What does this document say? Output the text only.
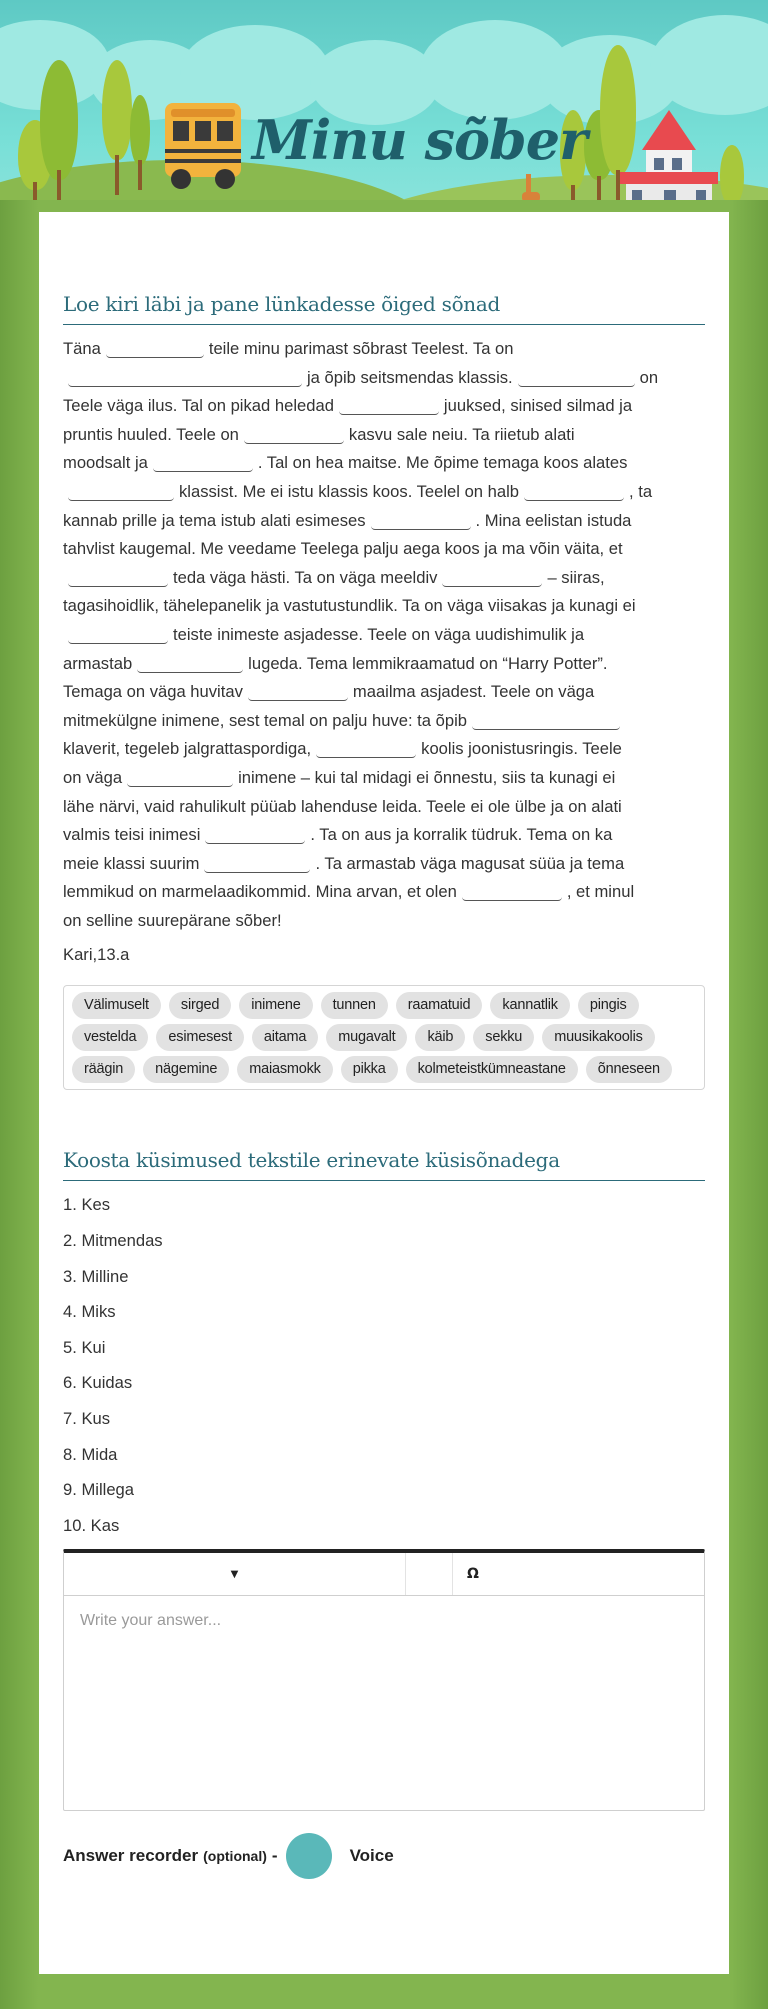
Minu sõber
Loe kiri läbi ja pane lünkadesse õiged sõnad
Täna	teile minu parimast sõbrast Teelest. Ta on
ja õpib seitsmendas klassis.	on
Teele väga ilus. Tal on pikad heledad	juuksed, sinised silmad ja
pruntis huuled. Teele on	kasvu sale neiu. Ta riietub alati
moodsalt ja	. Tal on hea maitse. Me õpime temaga koos alates
klassist. Me ei istu klassis koos. Teelel on halb	, ta
kannab prille ja tema istub alati esimeses	. Mina eelistan istuda
tahvlist kaugemal. Me veedame Teelega palju aega koos ja ma võin väita, et
teda väga hästi. Ta on väga meeldiv	– siiras,
tagasihoidlik, tähelepanelik ja vastutustundlik. Ta on väga viisakas ja kunagi ei
teiste inimeste asjadesse. Teele on väga uudishimulik ja
armastab	lugeda. Tema lemmikraamatud on “Harry Potter”.
Temaga on väga huvitav	maailma asjadest. Teele on väga
mitmekülgne inimene, sest temal on palju huve: ta õpib
klaverit, tegeleb jalgrattaspordiga,	koolis joonistusringis. Teele
on väga	inimene – kui tal midagi ei õnnestu, siis ta kunagi ei
lähe närvi, vaid rahulikult püüab lahenduse leida. Teele ei ole ülbe ja on alati
valmis teisi inimesi	. Ta on aus ja korralik tüdruk. Tema on ka
meie klassi suurim	. Ta armastab väga magusat süüa ja tema
lemmikud on marmelaadikommid. Mina arvan, et olen	, et minul
on selline suurepärane sõber!
Kari,13.a
Välimuselt	sirged	inimene	tunnen	raamatuid	kannatlik	pingis
vestelda	esimesest	aitama	mugavalt	käib	sekku	muusikakoolis
räägin	nägemine	maiasmokk	pikka	kolmeteistkümneastane	õnneseen
Koosta küsimused tekstile erinevate küsisõnadega
1. Kes
2. Mitmendas
3. Milline
4. Miks
5. Kui
6. Kuidas
7. Kus
8. Mida
9. Millega
10. Kas
▼	Ω
Write your answer...
Answer recorder (optional) -	Voice
